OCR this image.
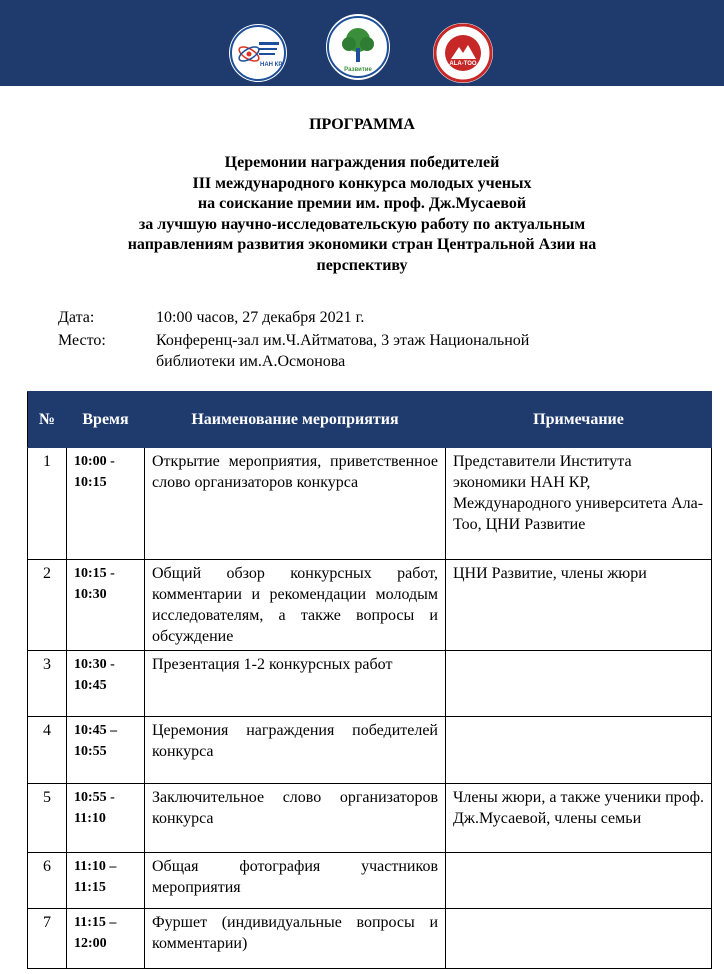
НАН КР
Развитие
ALA-TOO
ПРОГРАММА
Церемонии награждения победителей
III международного конкурса молодых ученых
на соискание премии им. проф. Дж.Мусаевой
за лучшую научно-исследовательскую работу по актуальным
направлениям развития экономики стран Центральной Азии на
перспективу
Дата:	10:00 часов, 27 декабря 2021 г.
Место:	Конференц-зал им.Ч.Айтматова, 3 этаж Национальной
библиотеки им.А.Осмонова
№	Время	Наименование мероприятия	Примечание
1	10:00 -
10:15	Открытие мероприятия, приветственное слово организаторов конкурса	Представители Института экономики НАН КР, Международного университета Ала-Тоо, ЦНИ Развитие
2	10:15 -
10:30	Общий обзор конкурсных работ, комментарии и рекомендации молодым исследователям, а также вопросы и обсуждение	ЦНИ Развитие, члены жюри
3	10:30 -
10:45	Презентация 1-2 конкурсных работ	
4	10:45 –
10:55	Церемония награждения победителей конкурса	
5	10:55 -
11:10	Заключительное слово организаторов конкурса	Члены жюри, а также ученики проф. Дж.Мусаевой, члены семьи
6	11:10 –
11:15	Общая фотография участников мероприятия	
7	11:15 –
12:00	Фуршет (индивидуальные вопросы и комментарии)	
